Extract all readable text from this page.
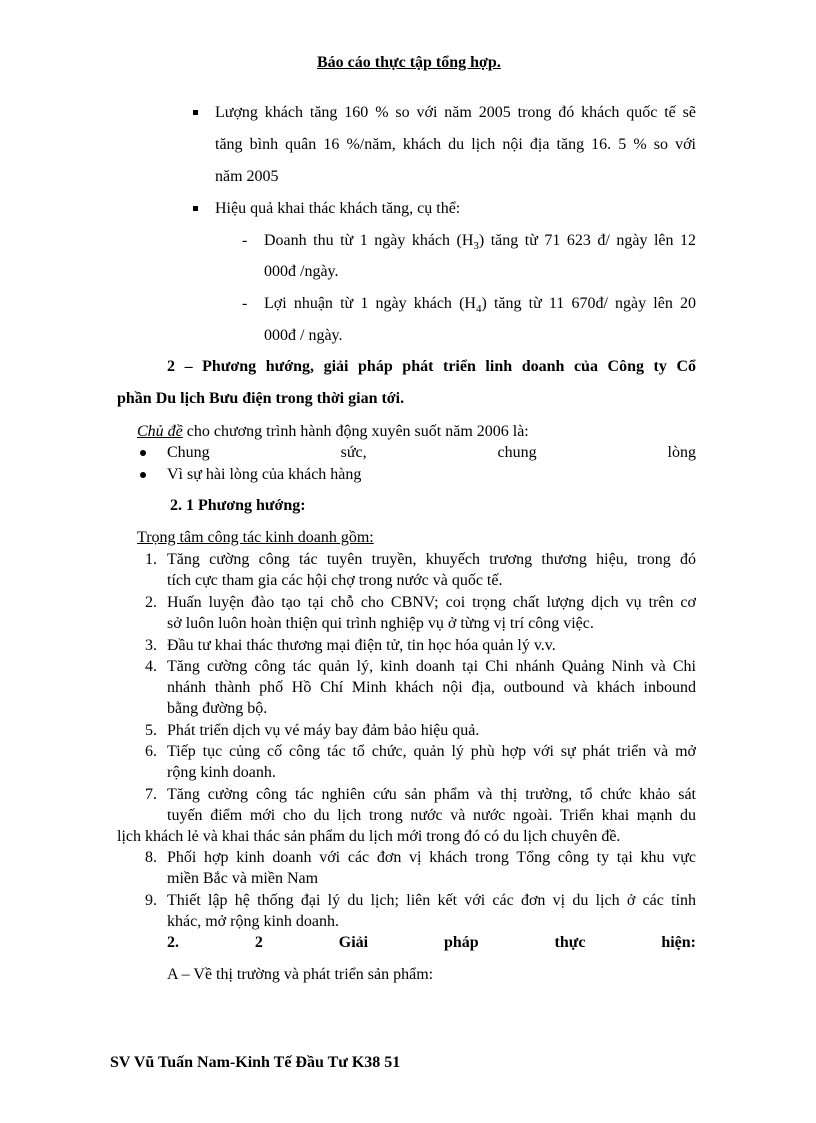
Báo cáo thực tập tổng hợp.
Lượng khách tăng 160 % so với năm 2005 trong đó khách quốc tế sẽ
tăng bình quân 16 %/năm, khách du lịch nội địa tăng 16. 5 % so với
năm 2005
Hiệu quả khai thác khách tăng, cụ thể:
- Doanh thu từ 1 ngày khách $(H_3)$ tăng từ 71 623 đ/ ngày lên 12
000đ /ngày.
- Lợi nhuận từ 1 ngày khách $(H_4)$ tăng từ 11 670đ/ ngày lên 20
000đ / ngày.
2 – Phương hướng, giải pháp phát triển linh doanh của Công ty Cổ
phần Du lịch Bưu điện trong thời gian tới.
Chủ đề cho chương trình hành động xuyên suốt năm 2006 là:
Chung sức, chung lòng
Vì sự hài lòng của khách hàng
2. 1 Phương hướng:
Trọng tâm công tác kinh doanh gồm:
1. Tăng cường công tác tuyên truyền, khuyếch trương thương hiệu, trong đó
tích cực tham gia các hội chợ trong nước và quốc tế.
2. Huấn luyện đào tạo tại chỗ cho CBNV; coi trọng chất lượng dịch vụ trên cơ
sở luôn luôn hoàn thiện qui trình nghiệp vụ ở từng vị trí công việc.
3. Đầu tư khai thác thương mại điện tử, tin học hóa quản lý v.v.
4. Tăng cường công tác quản lý, kinh doanh tại Chi nhánh Quảng Ninh và Chi
nhánh thành phố Hồ Chí Minh khách nội địa, outbound và khách inbound
bằng đường bộ.
5. Phát triển dịch vụ vé máy bay đảm bảo hiệu quả.
6. Tiếp tục củng cố công tác tổ chức, quản lý phù hợp với sự phát triển và mở
rộng kinh doanh.
7. Tăng cường công tác nghiên cứu sản phẩm và thị trường, tổ chức khảo sát
tuyến điểm mới cho du lịch trong nước và nước ngoài. Triển khai mạnh du
lịch khách lẻ và khai thác sản phẩm du lịch mới trong đó có du lịch chuyên đề.
8. Phối hợp kinh doanh với các đơn vị khách trong Tổng công ty tại khu vực
miền Bắc và miền Nam
9. Thiết lập hệ thống đại lý du lịch; liên kết với các đơn vị du lịch ở các tỉnh
khác, mở rộng kinh doanh.
2. 2 Giải pháp thực hiện:
A – Về thị trường và phát triển sản phẩm:
SV Vũ Tuấn Nam-Kinh Tế Đầu Tư K38 51
